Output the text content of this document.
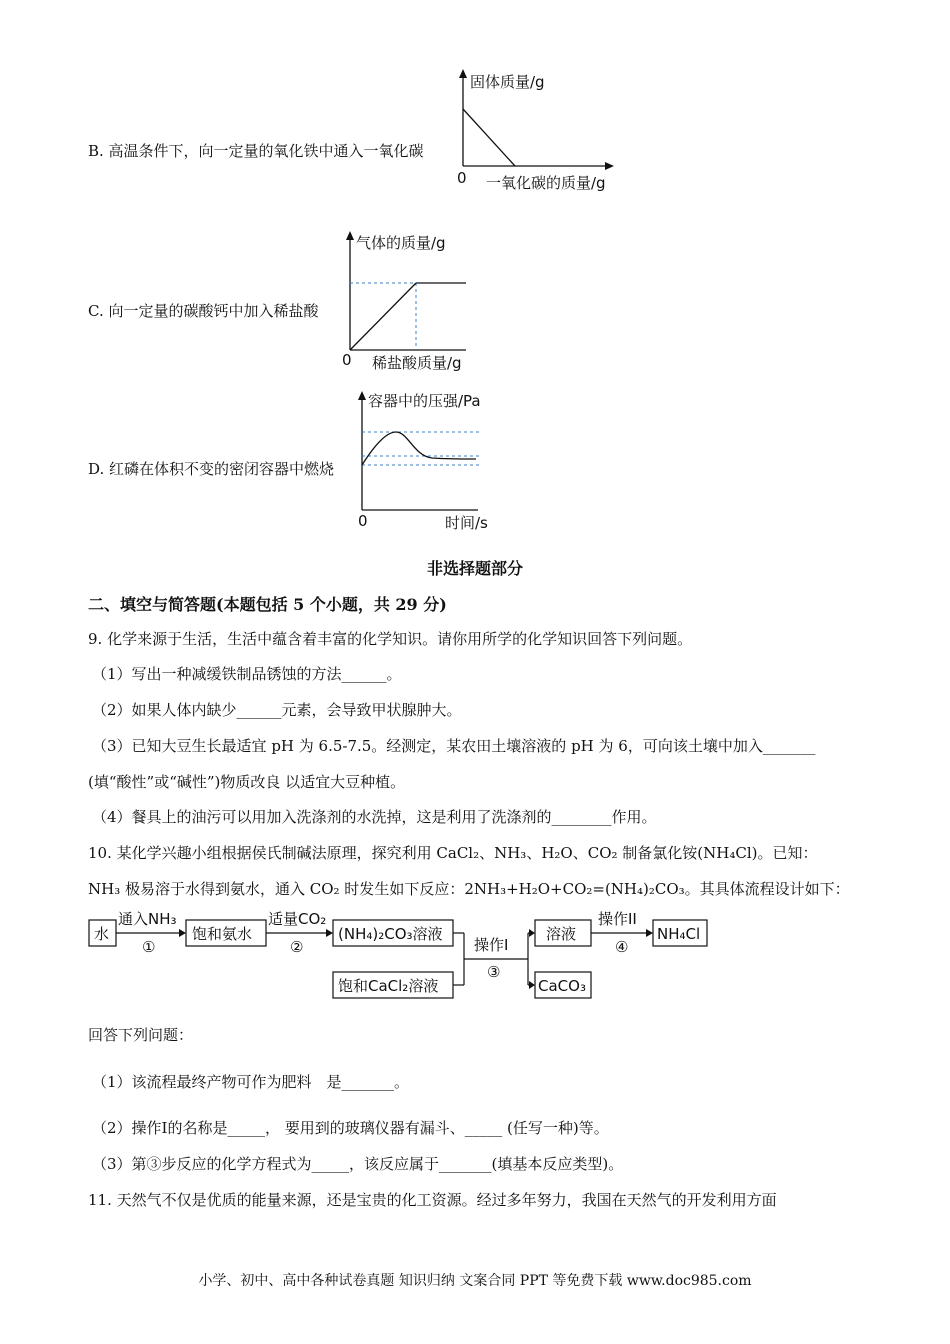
B. 高温条件下，向一定量的氧化铁中通入一氧化碳
固体质量/g
0 一氧化碳的质量/g
C. 向一定量的碳酸钙中加入稀盐酸
气体的质量/g
0 稀盐酸质量/g
D. 红磷在体积不变的密闭容器中燃烧
容器中的压强/Pa
0	时间/s
非选择题部分
二、填空与简答题(本题包括 5 个小题，共 29 分)
9. 化学来源于生活，生活中蕴含着丰富的化学知识。请你用所学的化学知识回答下列问题。
（1）写出一种减缓铁制品锈蚀的方法______。
（2）如果人体内缺少______元素，会导致甲状腺肿大。
（3）已知大豆生长最适宜 pH 为 6.5-7.5。经测定，某农田土壤溶液的 pH 为 6，可向该土壤中加入_______
(填“酸性”或“碱性”)物质改良 以适宜大豆种植。
（4）餐具上的油污可以用加入洗涤剂的水洗掉，这是利用了洗涤剂的________作用。
10. 某化学兴趣小组根据侯氏制碱法原理，探究利用 CaCl₂、NH₃、H₂O、CO₂ 制备氯化铵(NH₄Cl)。已知：
NH₃ 极易溶于水得到氨水，通入 CO₂ 时发生如下反应：2NH₃+H₂O+CO₂=(NH₄)₂CO₃。其具体流程设计如下：
水
通入NH₃
①
饱和氨水
适量CO₂
②
(NH₄)₂CO₃溶液
饱和CaCl₂溶液
操作I
③
溶液
CaCO₃
操作II
④
NH₄Cl
回答下列问题：
（1）该流程最终产物可作为肥料　是_______。
（2）操作I的名称是_____， 要用到的玻璃仪器有漏斗、_____ (任写一种)等。
（3）第③步反应的化学方程式为_____，该反应属于_______(填基本反应类型)。
11. 天然气不仅是优质的能量来源，还是宝贵的化工资源。经过多年努力，我国在天然气的开发利用方面
小学、初中、高中各种试卷真题 知识归纳 文案合同 PPT 等免费下载 www.doc985.com
